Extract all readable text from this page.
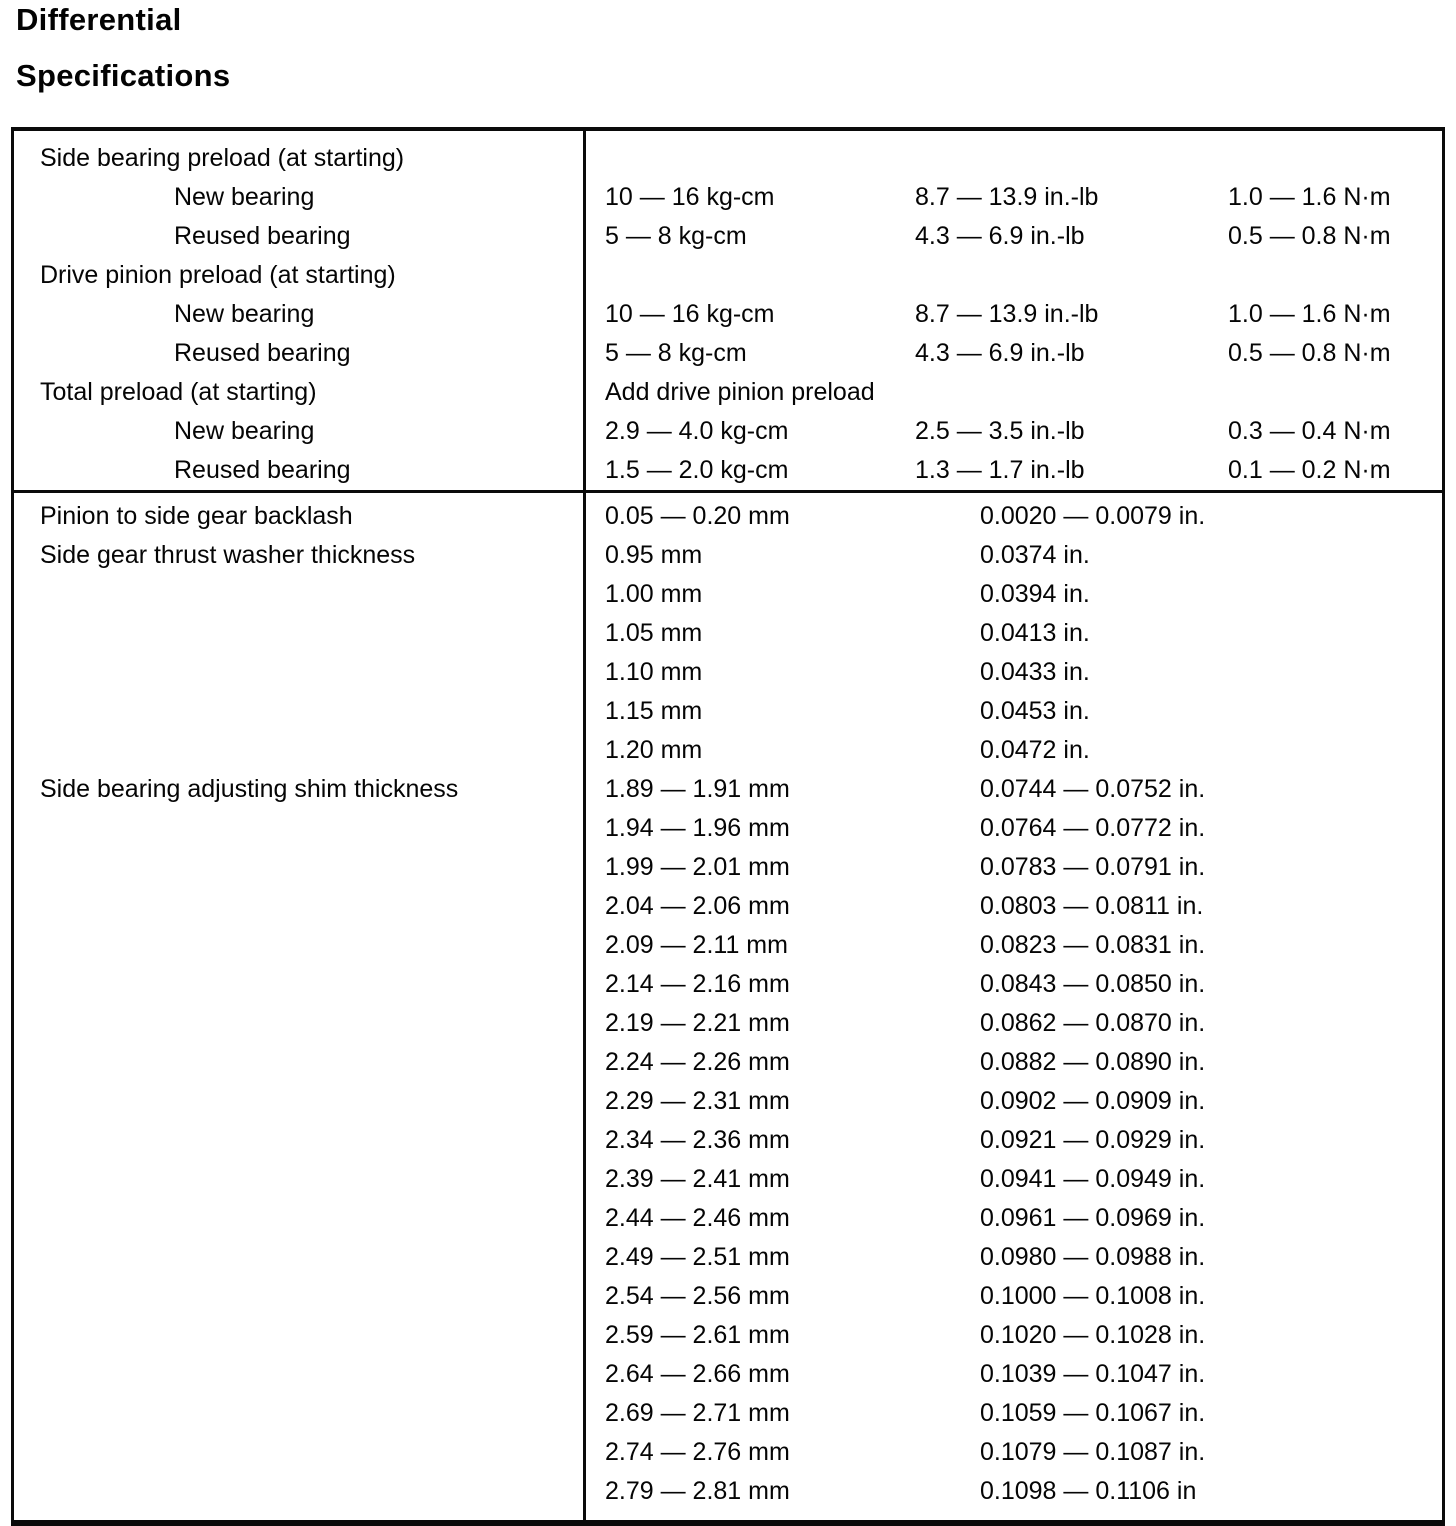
Differential
Specifications
Side bearing preload (at starting)
New bearing	10 — 16 kg-cm	8.7 — 13.9 in.-lb	1.0 — 1.6 N·m
Reused bearing	5 — 8 kg-cm	4.3 — 6.9 in.-lb	0.5 — 0.8 N·m
Drive pinion preload (at starting)
New bearing	10 — 16 kg-cm	8.7 — 13.9 in.-lb	1.0 — 1.6 N·m
Reused bearing	5 — 8 kg-cm	4.3 — 6.9 in.-lb	0.5 — 0.8 N·m
Total preload (at starting)	Add drive pinion preload
New bearing	2.9 — 4.0 kg-cm	2.5 — 3.5 in.-lb	0.3 — 0.4 N·m
Reused bearing	1.5 — 2.0 kg-cm	1.3 — 1.7 in.-lb	0.1 — 0.2 N·m
Pinion to side gear backlash	0.05 — 0.20 mm	0.0020 — 0.0079 in.
Side gear thrust washer thickness	0.95 mm	0.0374 in.
1.00 mm	0.0394 in.
1.05 mm	0.0413 in.
1.10 mm	0.0433 in.
1.15 mm	0.0453 in.
1.20 mm	0.0472 in.
Side bearing adjusting shim thickness	1.89 — 1.91 mm	0.0744 — 0.0752 in.
1.94 — 1.96 mm	0.0764 — 0.0772 in.
1.99 — 2.01 mm	0.0783 — 0.0791 in.
2.04 — 2.06 mm	0.0803 — 0.0811 in.
2.09 — 2.11 mm	0.0823 — 0.0831 in.
2.14 — 2.16 mm	0.0843 — 0.0850 in.
2.19 — 2.21 mm	0.0862 — 0.0870 in.
2.24 — 2.26 mm	0.0882 — 0.0890 in.
2.29 — 2.31 mm	0.0902 — 0.0909 in.
2.34 — 2.36 mm	0.0921 — 0.0929 in.
2.39 — 2.41 mm	0.0941 — 0.0949 in.
2.44 — 2.46 mm	0.0961 — 0.0969 in.
2.49 — 2.51 mm	0.0980 — 0.0988 in.
2.54 — 2.56 mm	0.1000 — 0.1008 in.
2.59 — 2.61 mm	0.1020 — 0.1028 in.
2.64 — 2.66 mm	0.1039 — 0.1047 in.
2.69 — 2.71 mm	0.1059 — 0.1067 in.
2.74 — 2.76 mm	0.1079 — 0.1087 in.
2.79 — 2.81 mm	0.1098 — 0.1106 in
